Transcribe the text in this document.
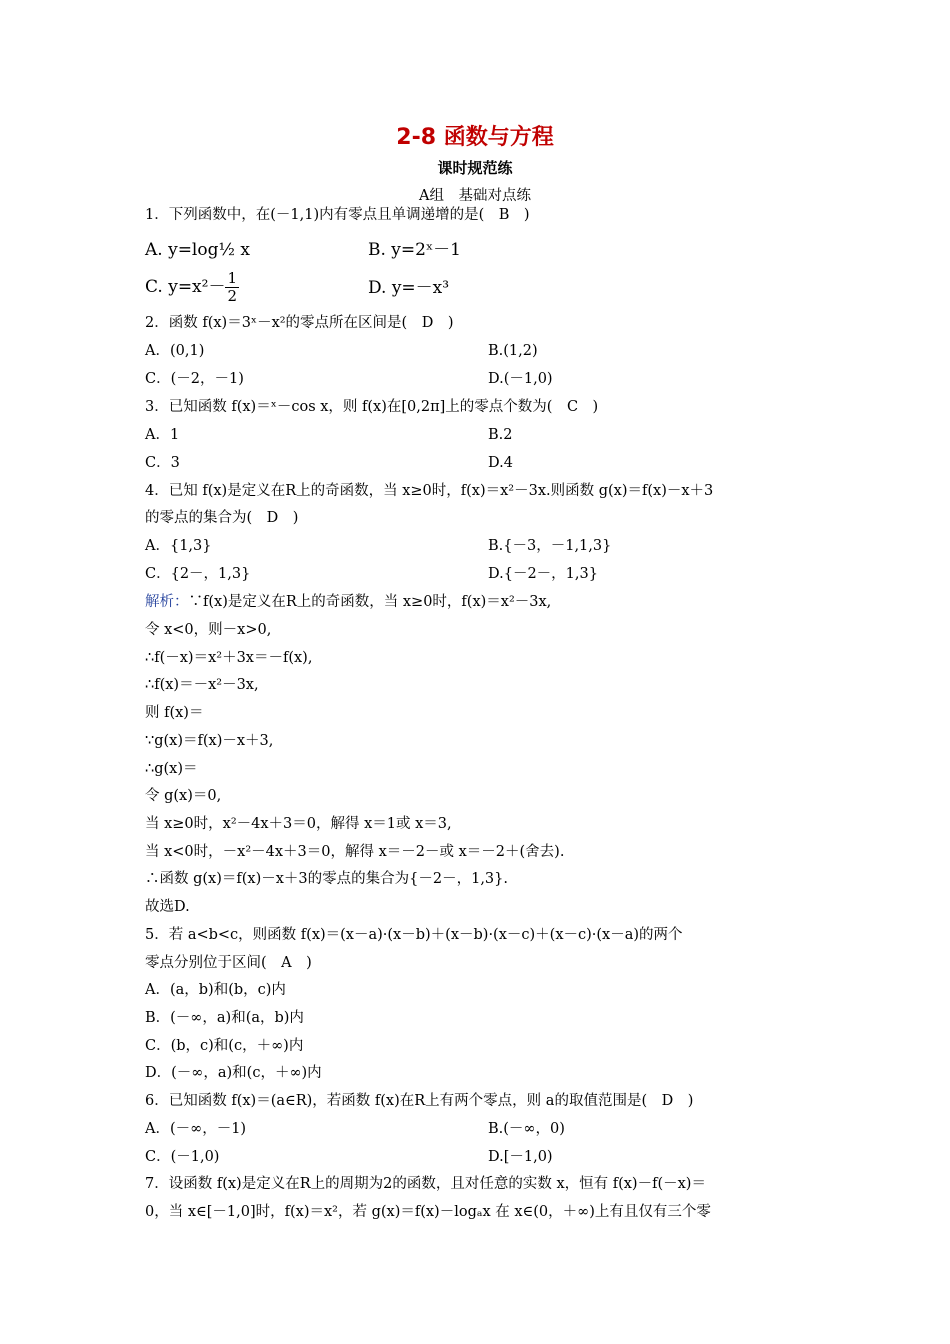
2-8 函数与方程
课时规范练
A组　基础对点练
1．下列函数中，在(－1,1)内有零点且单调递增的是(　B　)
A. y=log½ x	B. y=2ˣ－1
C. $y=x^2- \frac{1}{2}$	D. y=－x³
2．函数 f(x)＝3ˣ－x²的零点所在区间是(　D　)
A．(0,1)	B.(1,2)
C．(－2，－1)	D.(－1,0)
3．已知函数 f(x)＝ˣ－cos x，则 f(x)在[0,2π]上的零点个数为(　C　)
A．1	B.2
C．3	D.4
4．已知 f(x)是定义在R上的奇函数，当 x≥0时，f(x)＝x²－3x.则函数 g(x)＝f(x)－x＋3
的零点的集合为(　D　)
A．{1,3}	B.{－3，－1,1,3}
C．{2－，1,3}	D.{－2－，1,3}
解析：∵f(x)是定义在R上的奇函数，当 x≥0时，f(x)＝x²－3x,
令 x<0，则－x>0,
∴f(－x)＝x²＋3x＝－f(x),
∴f(x)＝－x²－3x,
则 f(x)＝
∵g(x)＝f(x)－x＋3,
∴g(x)＝
令 g(x)＝0,
当 x≥0时，x²－4x＋3＝0，解得 x＝1或 x＝3,
当 x<0时，－x²－4x＋3＝0，解得 x＝－2－或 x＝－2＋(舍去).
∴函数 g(x)＝f(x)－x＋3的零点的集合为{－2－，1,3}.
故选D.
5．若 a<b<c，则函数 f(x)＝(x－a)·(x－b)＋(x－b)·(x－c)＋(x－c)·(x－a)的两个
零点分别位于区间(　A　)
A．(a，b)和(b，c)内
B．(－∞，a)和(a，b)内
C．(b，c)和(c，＋∞)内
D．(－∞，a)和(c，＋∞)内
6．已知函数 f(x)＝(a∈R)，若函数 f(x)在R上有两个零点，则 a的取值范围是(　D　)
A．(－∞，－1)	B.(－∞，0)
C．(－1,0)	D.[－1,0)
7．设函数 f(x)是定义在R上的周期为2的函数，且对任意的实数 x，恒有 f(x)－f(－x)＝
0，当 x∈[－1,0]时，f(x)＝x²，若 g(x)＝f(x)－logₐx 在 x∈(0，＋∞)上有且仅有三个零
